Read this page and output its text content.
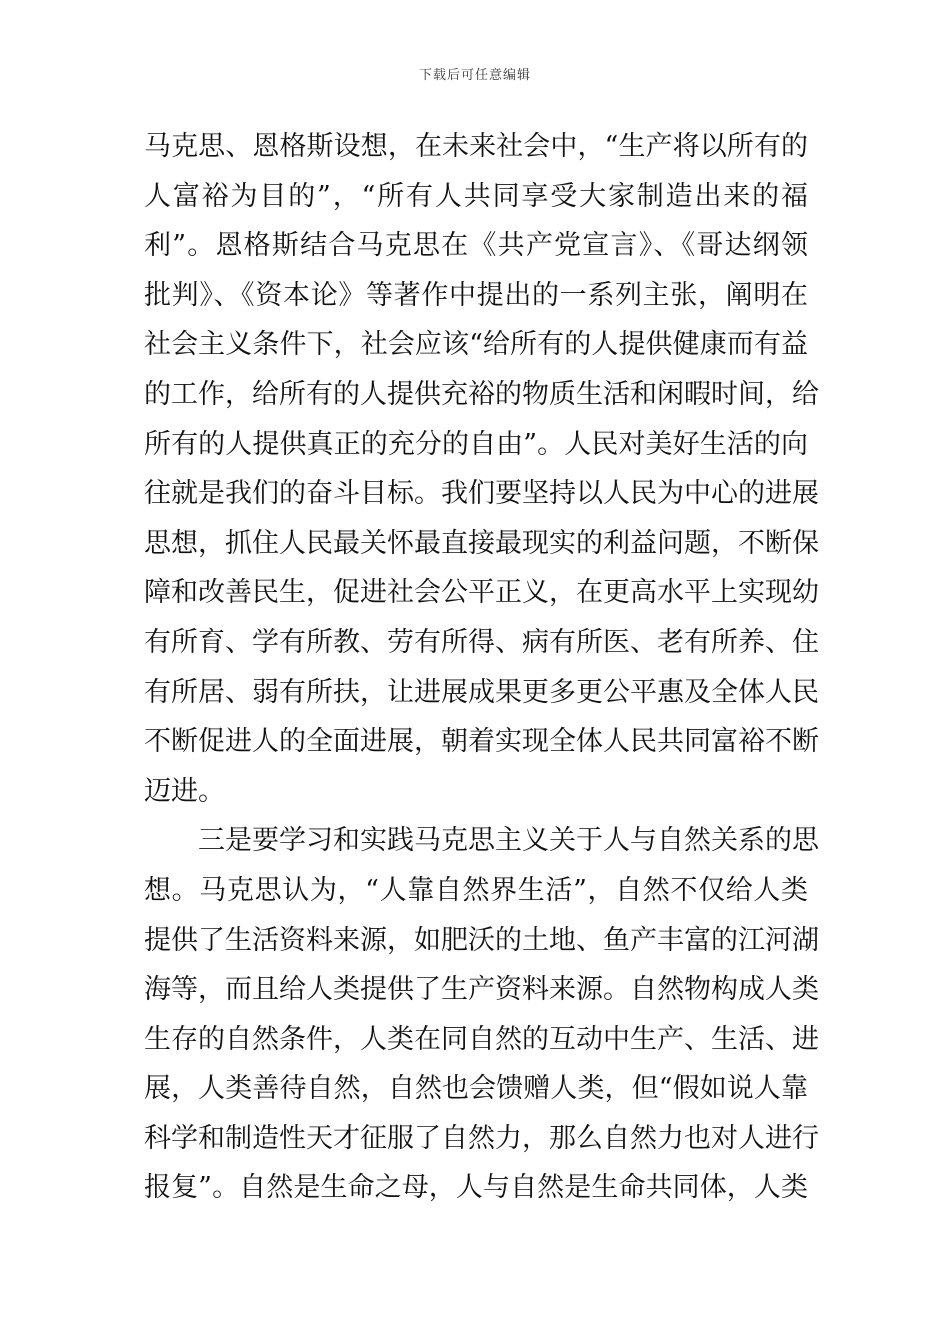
下载后可任意编辑
马克思、恩格斯设想，在未来社会中，“生产将以所有的
人富裕为目的”，“所有人共同享受大家制造出来的福
利”。恩格斯结合马克思在《共产党宣言》、《哥达纲领
批判》、《资本论》等著作中提出的一系列主张，阐明在
社会主义条件下，社会应该“给所有的人提供健康而有益
的工作，给所有的人提供充裕的物质生活和闲暇时间，给
所有的人提供真正的充分的自由”。人民对美好生活的向
往就是我们的奋斗目标。我们要坚持以人民为中心的进展
思想，抓住人民最关怀最直接最现实的利益问题，不断保
障和改善民生，促进社会公平正义，在更高水平上实现幼
有所育、学有所教、劳有所得、病有所医、老有所养、住
有所居、弱有所扶，让进展成果更多更公平惠及全体人民
不断促进人的全面进展，朝着实现全体人民共同富裕不断
迈进。
三是要学习和实践马克思主义关于人与自然关系的思
想。马克思认为，“人靠自然界生活”，自然不仅给人类
提供了生活资料来源，如肥沃的土地、鱼产丰富的江河湖
海等，而且给人类提供了生产资料来源。自然物构成人类
生存的自然条件，人类在同自然的互动中生产、生活、进
展，人类善待自然，自然也会馈赠人类，但“假如说人靠
科学和制造性天才征服了自然力，那么自然力也对人进行
报复”。自然是生命之母，人与自然是生命共同体，人类
